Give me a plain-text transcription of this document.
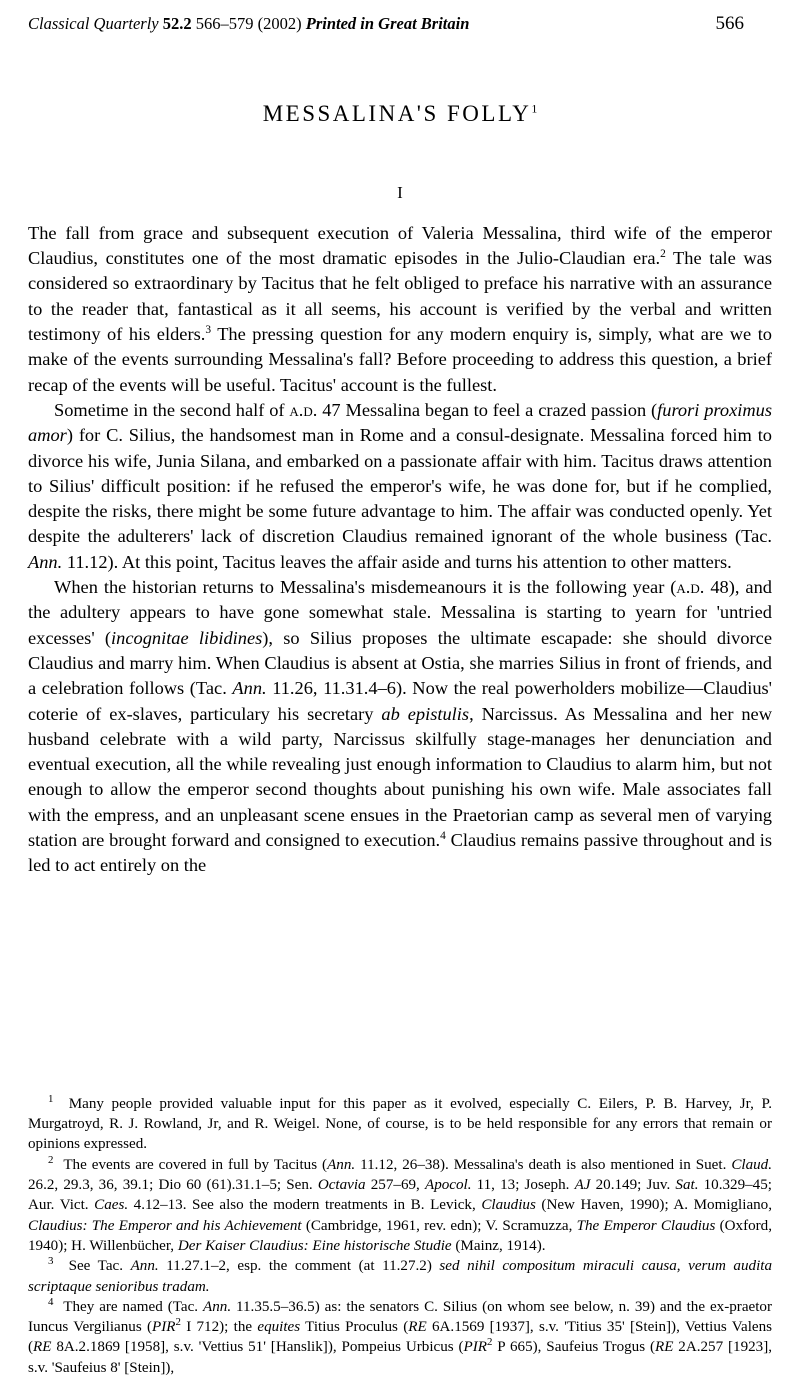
Classical Quarterly 52.2 566–579 (2002) Printed in Great Britain	566
MESSALINA'S FOLLY$^1$
I

The fall from grace and subsequent execution of Valeria Messalina, third wife of the emperor Claudius, constitutes one of the most dramatic episodes in the Julio-Claudian era.$^2$ The tale was considered so extraordinary by Tacitus that he felt obliged to preface his narrative with an assurance to the reader that, fantastical as it all seems, his account is verified by the verbal and written testimony of his elders.$^3$ The pressing question for any modern enquiry is, simply, what are we to make of the events surrounding Messalina's fall? Before proceeding to address this question, a brief recap of the events will be useful. Tacitus' account is the fullest.

Sometime in the second half of a.d. 47 Messalina began to feel a crazed passion (furori proximus amor) for C. Silius, the handsomest man in Rome and a consul-designate. Messalina forced him to divorce his wife, Junia Silana, and embarked on a passionate affair with him. Tacitus draws attention to Silius' difficult position: if he refused the emperor's wife, he was done for, but if he complied, despite the risks, there might be some future advantage to him. The affair was conducted openly. Yet despite the adulterers' lack of discretion Claudius remained ignorant of the whole business (Tac. Ann. 11.12). At this point, Tacitus leaves the affair aside and turns his attention to other matters.

When the historian returns to Messalina's misdemeanours it is the following year (a.d. 48), and the adultery appears to have gone somewhat stale. Messalina is starting to yearn for 'untried excesses' (incognitae libidines), so Silius proposes the ultimate escapade: she should divorce Claudius and marry him. When Claudius is absent at Ostia, she marries Silius in front of friends, and a celebration follows (Tac. Ann. 11.26, 11.31.4–6). Now the real powerholders mobilize—Claudius' coterie of ex-slaves, particulary his secretary ab epistulis, Narcissus. As Messalina and her new husband celebrate with a wild party, Narcissus skilfully stage-manages her denunciation and eventual execution, all the while revealing just enough information to Claudius to alarm him, but not enough to allow the emperor second thoughts about punishing his own wife. Male associates fall with the empress, and an unpleasant scene ensues in the Praetorian camp as several men of varying station are brought forward and consigned to execution.$^4$ Claudius remains passive throughout and is led to act entirely on the

$^1$  Many people provided valuable input for this paper as it evolved, especially C. Eilers, P. B. Harvey, Jr, P. Murgatroyd, R. J. Rowland, Jr, and R. Weigel. None, of course, is to be held responsible for any errors that remain or opinions expressed.

$^2$  The events are covered in full by Tacitus (Ann. 11.12, 26–38). Messalina's death is also mentioned in Suet. Claud. 26.2, 29.3, 36, 39.1; Dio 60 (61).31.1–5; Sen. Octavia 257–69, Apocol. 11, 13; Joseph. AJ 20.149; Juv. Sat. 10.329–45; Aur. Vict. Caes. 4.12–13. See also the modern treatments in B. Levick, Claudius (New Haven, 1990); A. Momigliano, Claudius: The Emperor and his Achievement (Cambridge, 1961, rev. edn); V. Scramuzza, The Emperor Claudius (Oxford, 1940); H. Willenbücher, Der Kaiser Claudius: Eine historische Studie (Mainz, 1914).

$^3$  See Tac. Ann. 11.27.1–2, esp. the comment (at 11.27.2) sed nihil compositum miraculi causa, verum audita scriptaque senioribus tradam.

$^4$  They are named (Tac. Ann. 11.35.5–36.5) as: the senators C. Silius (on whom see below, n. 39) and the ex-praetor Iuncus Vergilianus (PIR$^2$ I 712); the equites Titius Proculus (RE 6A.1569 [1937], s.v. 'Titius 35' [Stein]), Vettius Valens (RE 8A.2.1869 [1958], s.v. 'Vettius 51' [Hanslik]), Pompeius Urbicus (PIR$^2$ P 665), Saufeius Trogus (RE 2A.257 [1923], s.v. 'Saufeius 8' [Stein]),
